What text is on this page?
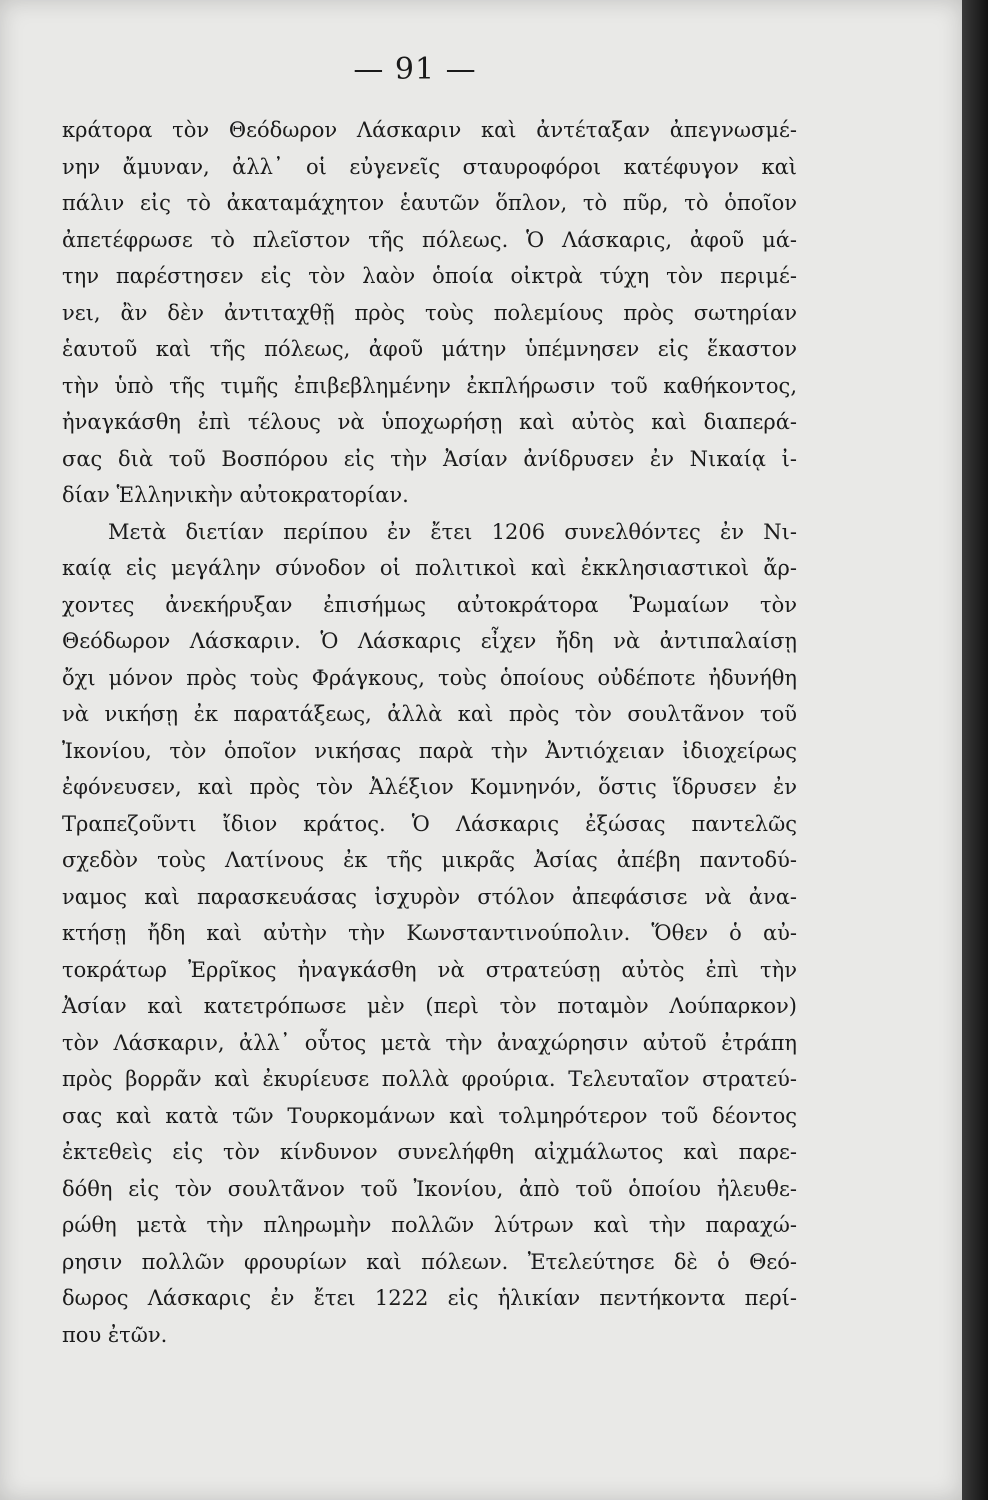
— 91 —
κράτορα τὸν Θεόδωρον Λάσκαριν καὶ ἀντέταξαν ἀπεγνωσμέ-
νην ἄμυναν, ἀλλ᾽ οἱ εὐγενεῖς σταυροφόροι κατέφυγον καὶ
πάλιν εἰς τὸ ἀκαταμάχητον ἑαυτῶν ὅπλον, τὸ πῦρ, τὸ ὁποῖον
ἀπετέφρωσε τὸ πλεῖστον τῆς πόλεως. Ὁ Λάσκαρις, ἀφοῦ μά-
την παρέστησεν εἰς τὸν λαὸν ὁποία οἰκτρὰ τύχη τὸν περιμέ-
νει, ἂν δὲν ἀντιταχθῇ πρὸς τοὺς πολεμίους πρὸς σωτηρίαν
ἑαυτοῦ καὶ τῆς πόλεως, ἀφοῦ μάτην ὑπέμνησεν εἰς ἕκαστον
τὴν ὑπὸ τῆς τιμῆς ἐπιβεβλημένην ἐκπλήρωσιν τοῦ καθήκοντος,
ἠναγκάσθη ἐπὶ τέλους νὰ ὑποχωρήσῃ καὶ αὐτὸς καὶ διαπερά-
σας διὰ τοῦ Βοσπόρου εἰς τὴν Ἀσίαν ἀνίδρυσεν ἐν Νικαίᾳ ἰ-
δίαν Ἑλληνικὴν αὐτοκρατορίαν.
Μετὰ διετίαν περίπου ἐν ἔτει 1206 συνελθόντες ἐν Νι-
καίᾳ εἰς μεγάλην σύνοδον οἱ πολιτικοὶ καὶ ἐκκλησιαστικοὶ ἄρ-
χοντες ἀνεκήρυξαν ἐπισήμως αὐτοκράτορα Ῥωμαίων τὸν
Θεόδωρον Λάσκαριν. Ὁ Λάσκαρις εἶχεν ἤδη νὰ ἀντιπαλαίσῃ
ὄχι μόνον πρὸς τοὺς Φράγκους, τοὺς ὁποίους οὐδέποτε ἠδυνήθη
νὰ νικήσῃ ἐκ παρατάξεως, ἀλλὰ καὶ πρὸς τὸν σουλτᾶνον τοῦ
Ἰκονίου, τὸν ὁποῖον νικήσας παρὰ τὴν Ἀντιόχειαν ἰδιοχείρως
ἐφόνευσεν, καὶ πρὸς τὸν Ἀλέξιον Κομνηνόν, ὅστις ἵδρυσεν ἐν
Τραπεζοῦντι ἴδιον κράτος. Ὁ Λάσκαρις ἐξώσας παντελῶς
σχεδὸν τοὺς Λατίνους ἐκ τῆς μικρᾶς Ἀσίας ἀπέβη παντοδύ-
ναμος καὶ παρασκευάσας ἰσχυρὸν στόλον ἀπεφάσισε νὰ ἀνα-
κτήσῃ ἤδη καὶ αὐτὴν τὴν Κωνσταντινούπολιν. Ὅθεν ὁ αὐ-
τοκράτωρ Ἐρρῖκος ἠναγκάσθη νὰ στρατεύσῃ αὐτὸς ἐπὶ τὴν
Ἀσίαν καὶ κατετρόπωσε μὲν (περὶ τὸν ποταμὸν Λούπαρκον)
τὸν Λάσκαριν, ἀλλ᾽ οὗτος μετὰ τὴν ἀναχώρησιν αὐτοῦ ἐτράπη
πρὸς βορρᾶν καὶ ἐκυρίευσε πολλὰ φρούρια. Τελευταῖον στρατεύ-
σας καὶ κατὰ τῶν Τουρκομάνων καὶ τολμηρότερον τοῦ δέοντος
ἐκτεθεὶς εἰς τὸν κίνδυνον συνελήφθη αἰχμάλωτος καὶ παρε-
δόθη εἰς τὸν σουλτᾶνον τοῦ Ἰκονίου, ἀπὸ τοῦ ὁποίου ἠλευθε-
ρώθη μετὰ τὴν πληρωμὴν πολλῶν λύτρων καὶ τὴν παραχώ-
ρησιν πολλῶν φρουρίων καὶ πόλεων. Ἐτελεύτησε δὲ ὁ Θεό-
δωρος Λάσκαρις ἐν ἔτει 1222 εἰς ἡλικίαν πεντήκοντα περί-
που ἐτῶν.
